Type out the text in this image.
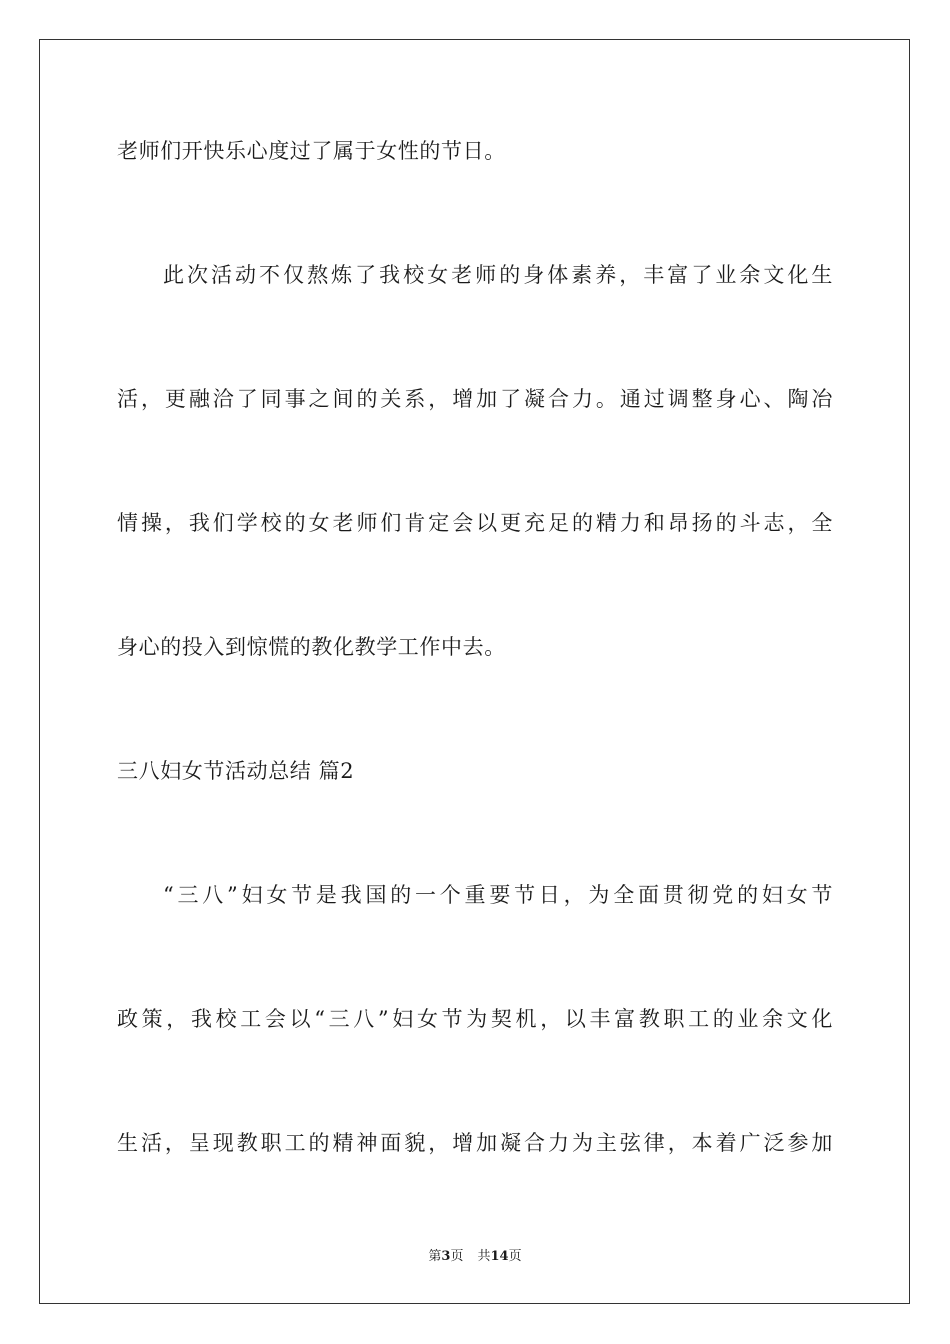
老师们开快乐心度过了属于女性的节日。

此次活动不仅熬炼了我校女老师的身体素养，丰富了业余文化生

活，更融洽了同事之间的关系，增加了凝合力。通过调整身心、陶冶

情操，我们学校的女老师们肯定会以更充足的精力和昂扬的斗志，全

身心的投入到惊慌的教化教学工作中去。

三八妇女节活动总结 篇2

“三八”妇女节是我国的一个重要节日，为全面贯彻党的妇女节

政策，我校工会以“三八”妇女节为契机，以丰富教职工的业余文化

生活，呈现教职工的精神面貌，增加凝合力为主弦律，本着广泛参加

第3页 共14页
